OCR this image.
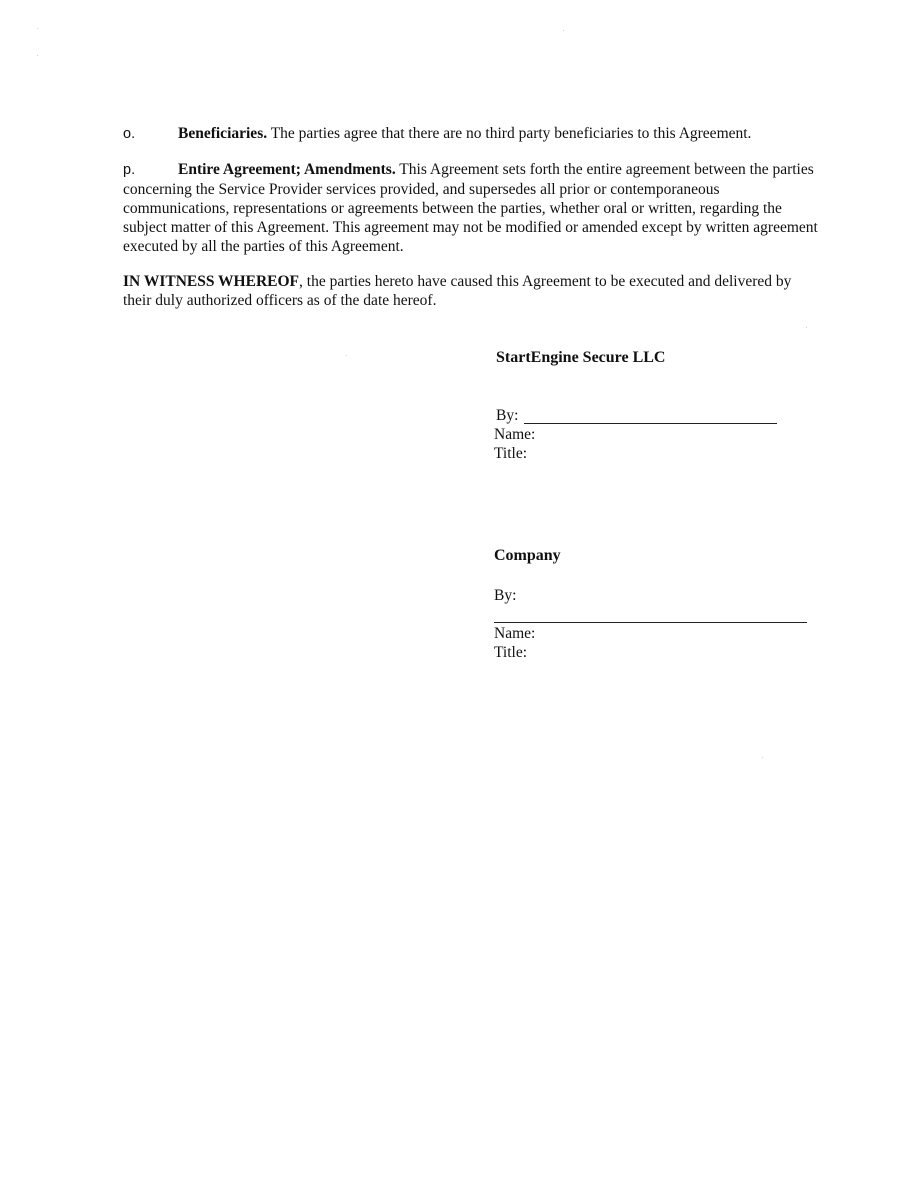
o.	Beneficiaries. The parties agree that there are no third party beneficiaries to this Agreement.
p.	Entire Agreement; Amendments. This Agreement sets forth the entire agreement between the parties concerning the Service Provider services provided, and supersedes all prior or contemporaneous communications, representations or agreements between the parties, whether oral or written, regarding the subject matter of this Agreement. This agreement may not be modified or amended except by written agreement executed by all the parties of this Agreement.
IN WITNESS WHEREOF, the parties hereto have caused this Agreement to be executed and delivered by their duly authorized officers as of the date hereof.
StartEngine Secure LLC
By:
Name:
Title:
Company
By:
Name:
Title:
